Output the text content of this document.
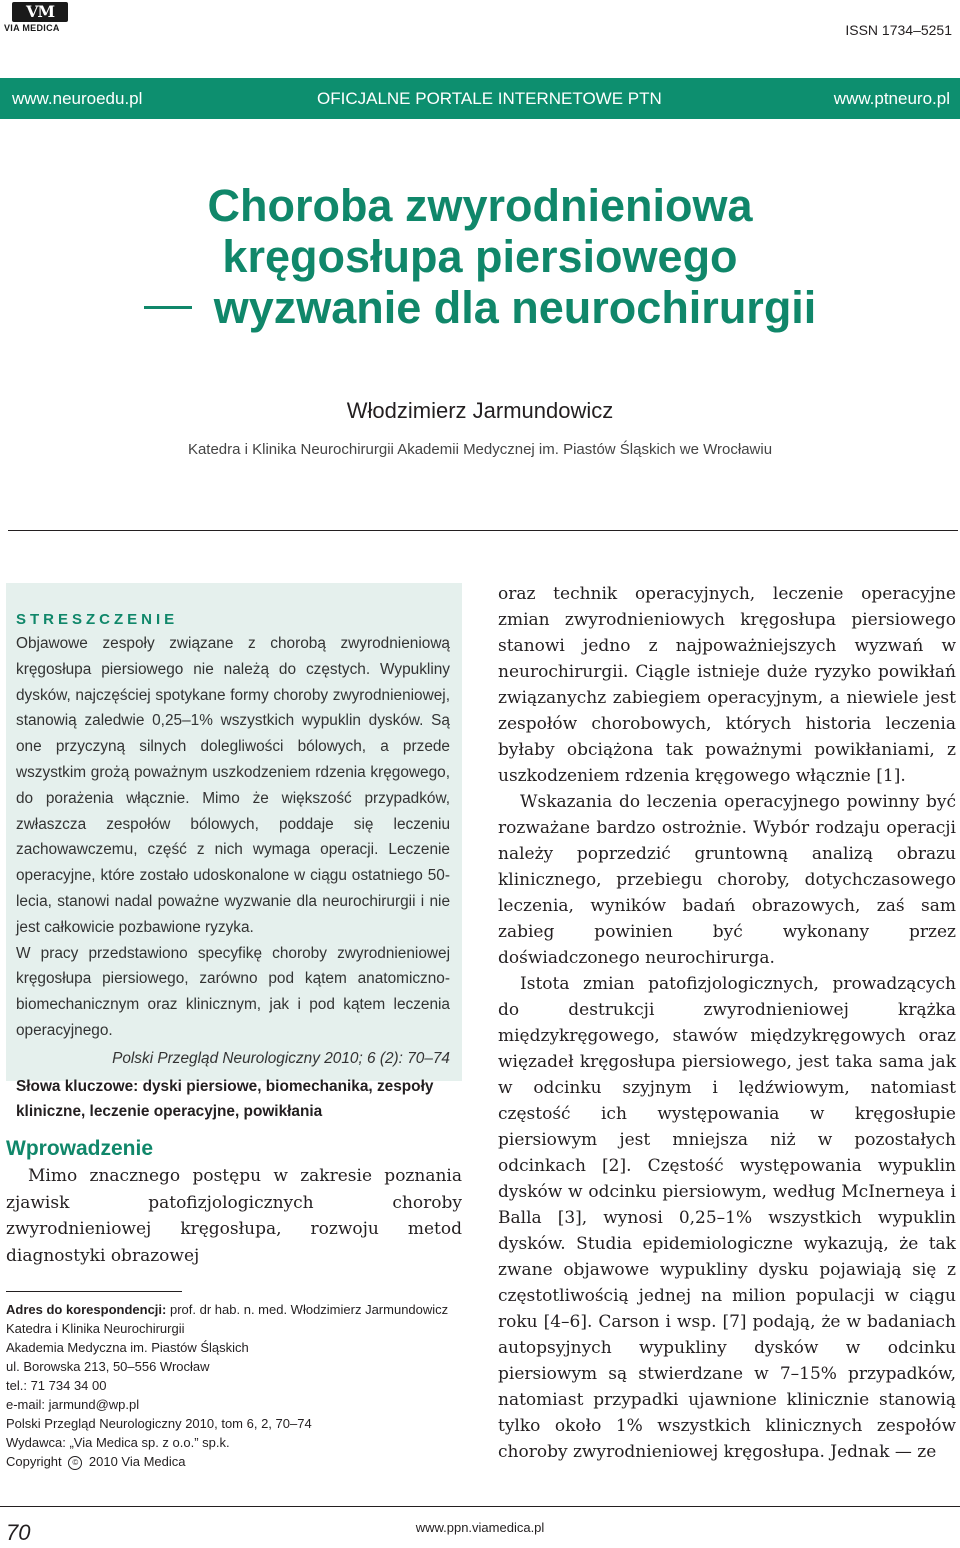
VM
VIA MEDICA	ISSN 1734–5251
www.neuroedu.pl	OFICJALNE PORTALE INTERNETOWE PTN	www.ptneuro.pl
Choroba zwyrodnieniowa
kręgosłupa piersiowego
wyzwanie dla neurochirurgii
Włodzimierz Jarmundowicz
Katedra i Klinika Neurochirurgii Akademii Medycznej im. Piastów Śląskich we Wrocławiu
STRESZCZENIE
Objawowe zespoły związane z chorobą zwyrodnieniową kręgosłupa piersiowego nie należą do częstych. Wypukliny dysków, najczęściej spotykane formy choroby zwyrodnieniowej, stanowią zaledwie 0,25–1% wszystkich wypuklin dysków. Są one przyczyną silnych dolegliwości bólowych, a przede wszystkim grożą poważnym uszkodzeniem rdzenia kręgowego, do porażenia włącznie. Mimo że większość przypadków, zwłaszcza zespołów bólowych, poddaje się leczeniu zachowawczemu, część z nich wymaga operacji. Leczenie operacyjne, które zostało udoskonalone w ciągu ostatniego 50-lecia, stanowi nadal poważne wyzwanie dla neurochirurgii i nie jest całkowicie pozbawione ryzyka.
W pracy przedstawiono specyfikę choroby zwyrodnieniowej kręgosłupa piersiowego, zarówno pod kątem anatomiczno-biomechanicznym oraz klinicznym, jak i pod kątem leczenia operacyjnego.
Polski Przegląd Neurologiczny 2010; 6 (2): 70–74
Słowa kluczowe: dyski piersiowe, biomechanika, zespoły kliniczne, leczenie operacyjne, powikłania
Wprowadzenie
Mimo znacznego postępu w zakresie poznania zjawisk patofizjologicznych choroby zwyrodnieniowej kręgosłupa, rozwoju metod diagnostyki obrazowej
Adres do korespondencji: prof. dr hab. n. med. Włodzimierz Jarmundowicz
Katedra i Klinika Neurochirurgii
Akademia Medyczna im. Piastów Śląskich
ul. Borowska 213, 50–556 Wrocław
tel.: 71 734 34 00
e-mail: jarmund@wp.pl
Polski Przegląd Neurologiczny 2010, tom 6, 2, 70–74
Wydawca: „Via Medica sp. z o.o.” sp.k.
Copyright © 2010 Via Medica

oraz technik operacyjnych, leczenie operacyjne zmian zwyrodnieniowych kręgosłupa piersiowego stanowi jedno z najpoważniejszych wyzwań w neurochirurgii. Ciągle istnieje duże ryzyko powikłań związanychz zabiegiem operacyjnym, a niewiele jest zespołów chorobowych, których historia leczenia byłaby obciążona tak poważnymi powikłaniami, z uszkodzeniem rdzenia kręgowego włącznie [1].

Wskazania do leczenia operacyjnego powinny być rozważane bardzo ostrożnie. Wybór rodzaju operacji należy poprzedzić gruntowną analizą obrazu klinicznego, przebiegu choroby, dotychczasowego leczenia, wyników badań obrazowych, zaś sam zabieg powinien być wykonany przez doświadczonego neurochirurga.

Istota zmian patofizjologicznych, prowadzących do destrukcji zwyrodnieniowej krążka międzykręgowego, stawów międzykręgowych oraz więzadeł kręgosłupa piersiowego, jest taka sama jak w odcinku szyjnym i lędźwiowym, natomiast częstość ich występowania w kręgosłupie piersiowym jest mniejsza niż w pozostałych odcinkach [2]. Częstość występowania wypuklin dysków w odcinku piersiowym, według McInerneya i Balla [3], wynosi 0,25–1% wszystkich wypuklin dysków. Studia epidemiologiczne wykazują, że tak zwane objawowe wypukliny dysku pojawiają się z częstotliwością jednej na milion populacji w ciągu roku [4–6]. Carson i wsp. [7] podają, że w badaniach autopsyjnych wypukliny dysków w odcinku piersiowym są stwierdzane w 7–15% przypadków, natomiast przypadki ujawnione klinicznie stanowią tylko około 1% wszystkich klinicznych zespołów choroby zwyrodnieniowej kręgosłupa. Jednak — ze

70	www.ppn.viamedica.pl
